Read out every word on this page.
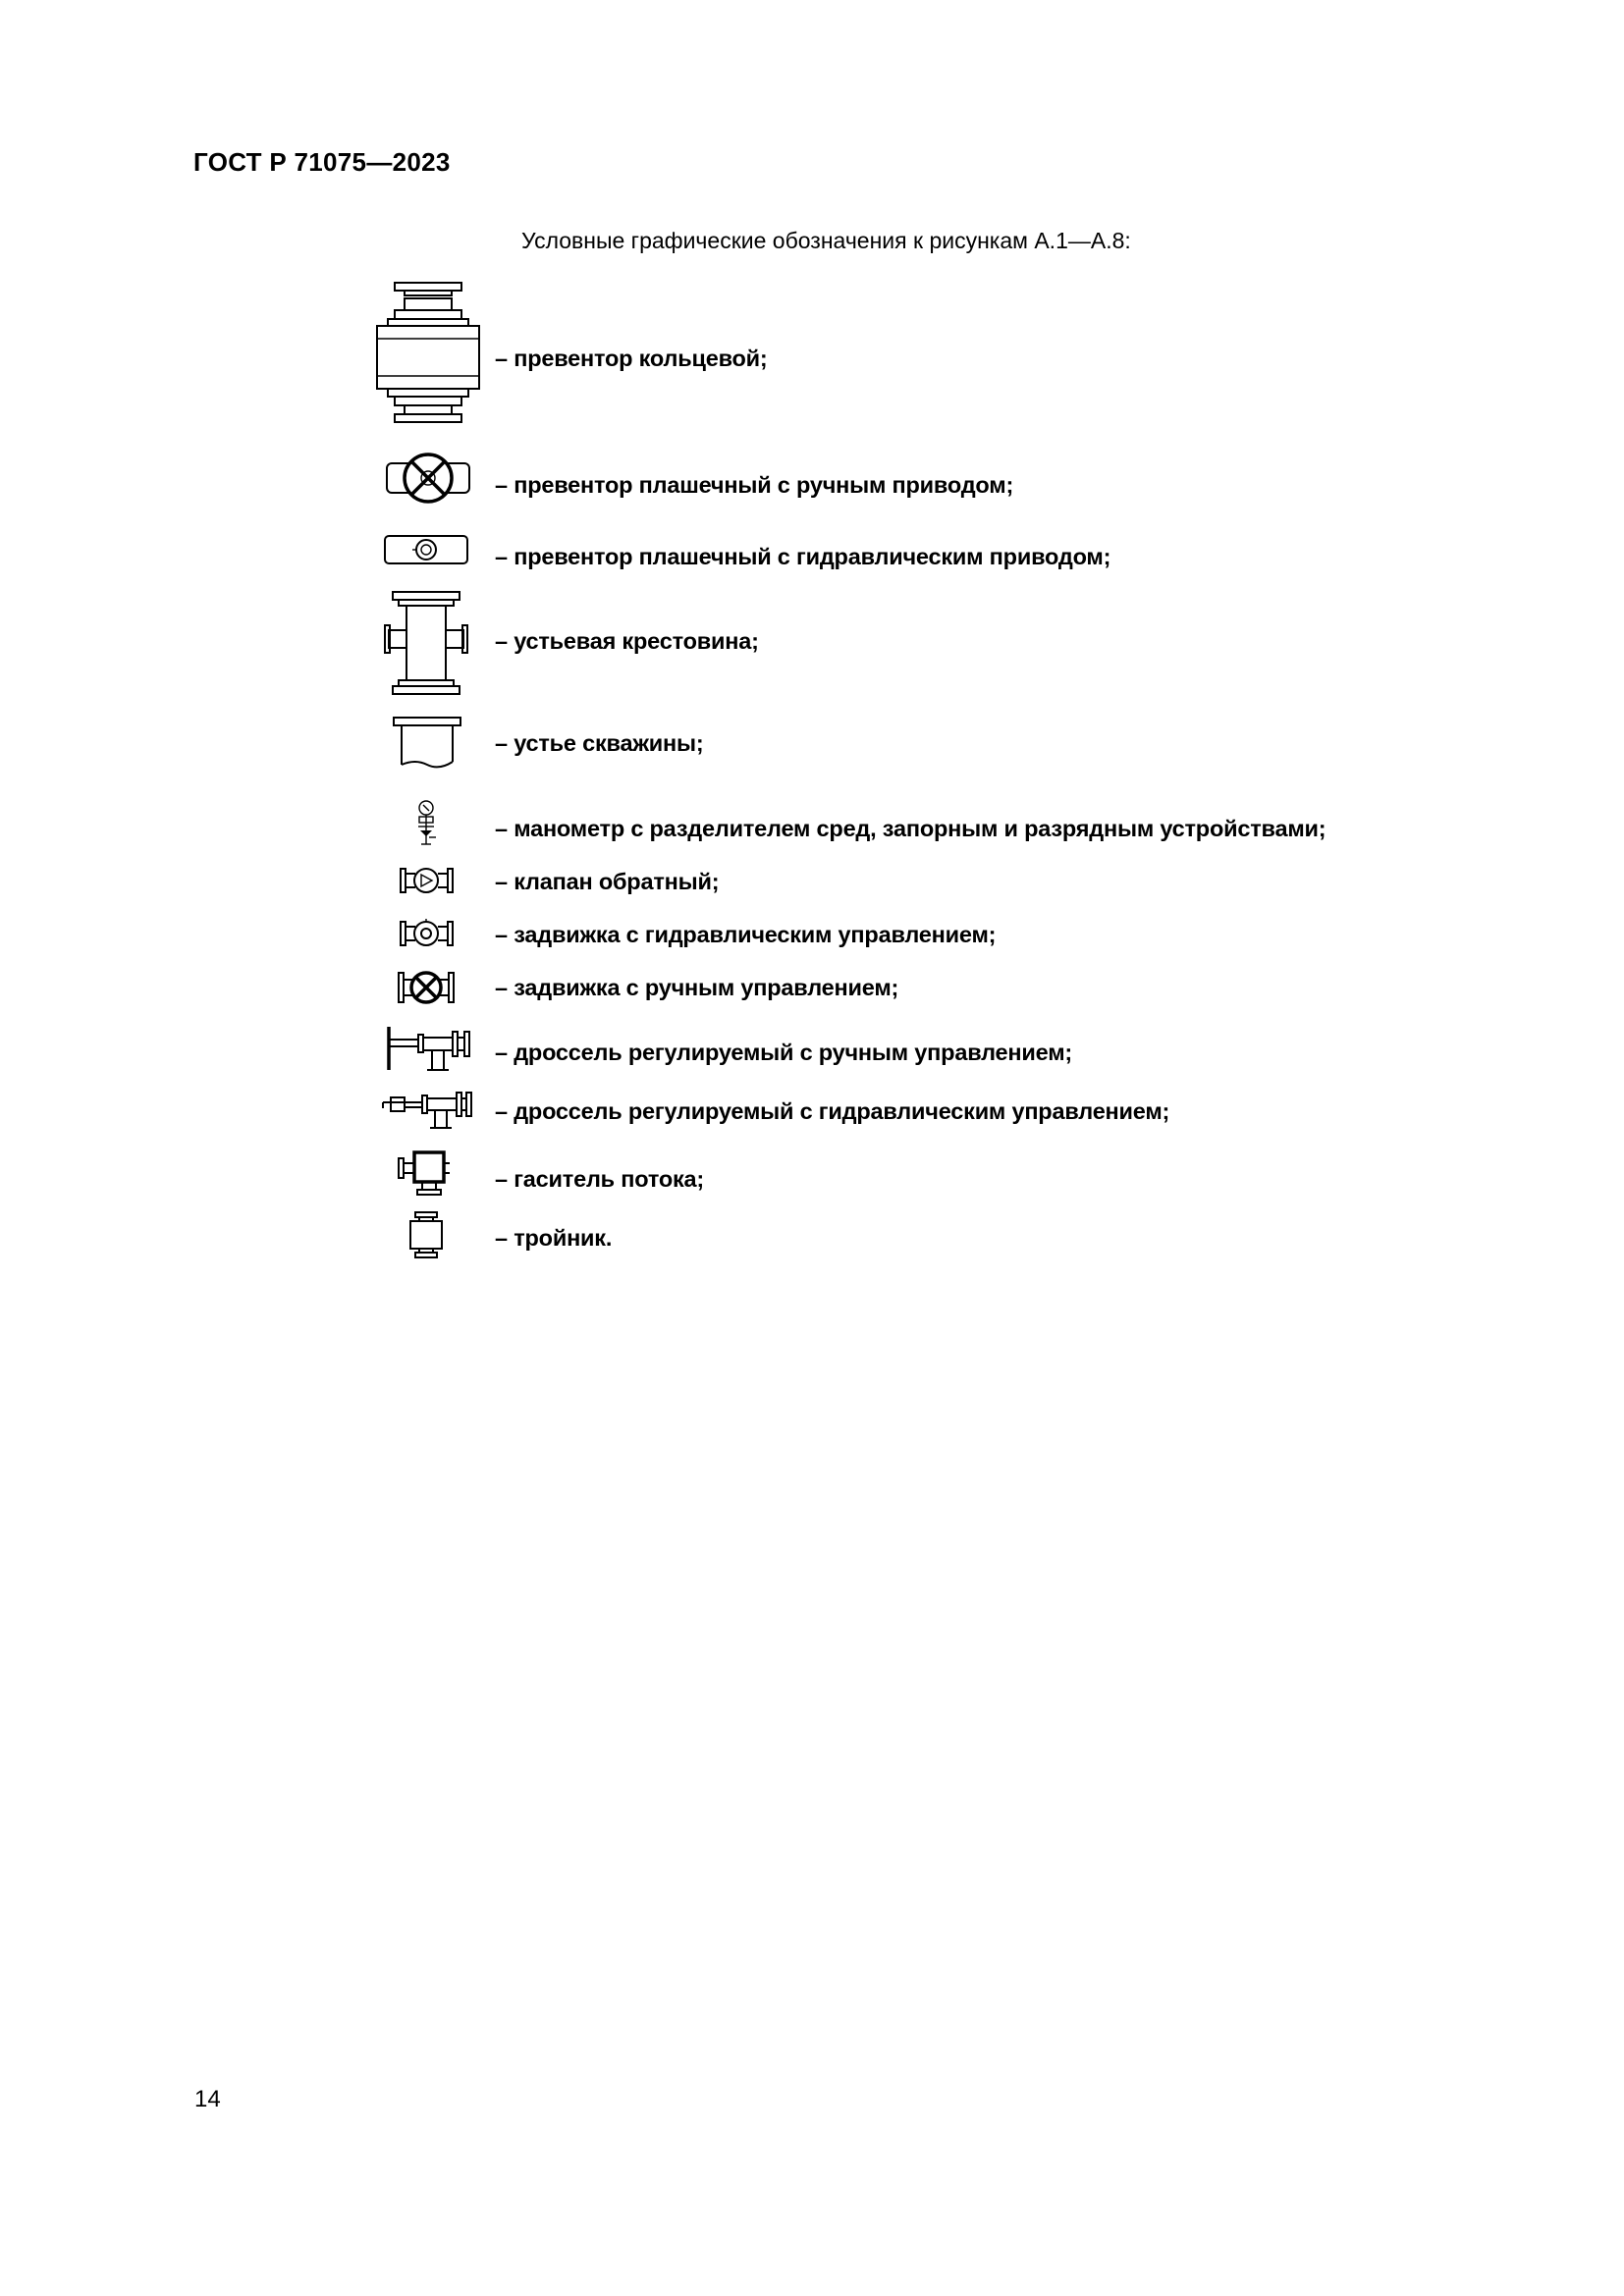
ГОСТ Р 71075—2023
Условные графические обозначения к рисункам А.1—А.8:
– превентор кольцевой;
– превентор плашечный с ручным приводом;
– превентор плашечный с гидравлическим приводом;
– устьевая крестовина;
– устье скважины;
– манометр с разделителем сред, запорным и разрядным устройствами;
– клапан обратный;
– задвижка с гидравлическим управлением;
– задвижка с ручным управлением;
– дроссель регулируемый с ручным управлением;
– дроссель регулируемый с гидравлическим управлением;
– гаситель потока;
– тройник.
14
